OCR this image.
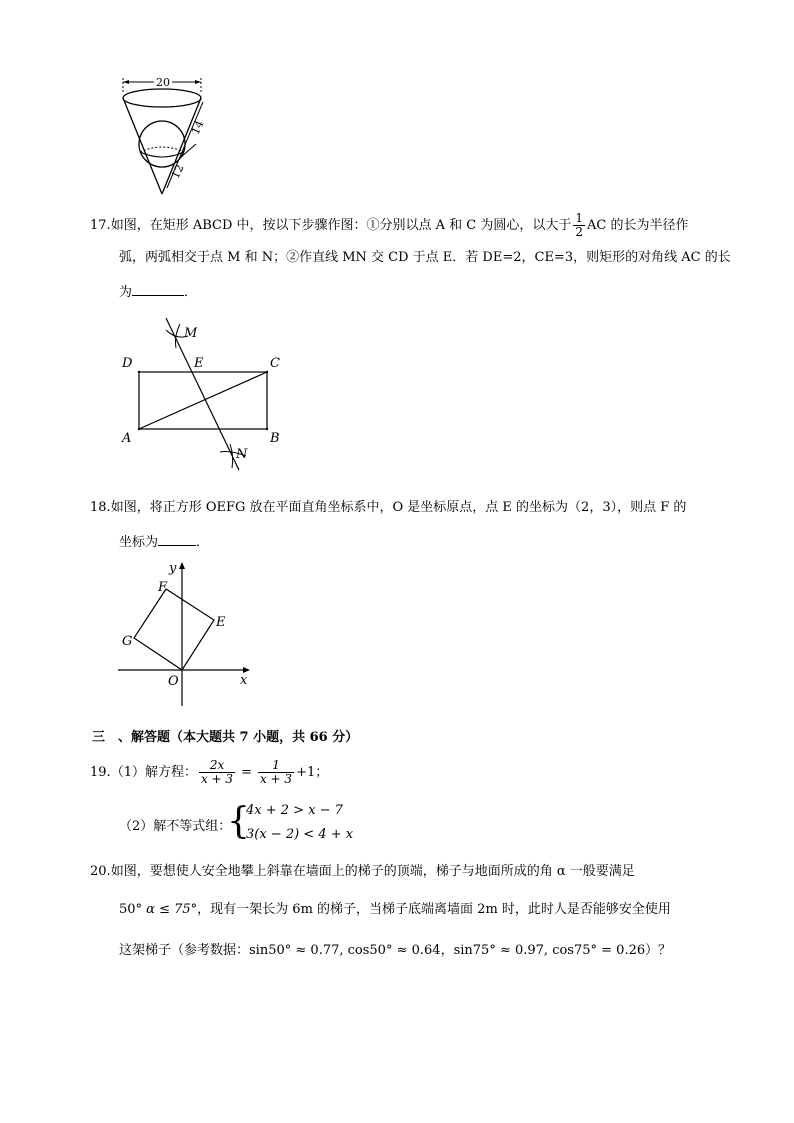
20
14
12
17.如图，在矩形 ABCD 中，按以下步骤作图：①分别以点 A 和 C 为圆心，以大于 $\frac{1}{2}$ AC 的长为半径作
弧，两弧相交于点 M 和 N；②作直线 MN 交 CD 于点 E．若 DE=2，CE=3，则矩形的对角线 AC 的长
为	．
M
D	E	C
A	B
N
18.如图，将正方形 OEFG 放在平面直角坐标系中，O 是坐标原点，点 E 的坐标为（2，3），则点 F 的
坐标为	．
y
F
E
G
O	x
三　、解答题（本大题共 7 小题，共 66 分）
19.（1）解方程： $\frac{2x}{x + 3} = \frac{1}{x + 3} +1$；
（2）解不等式组：
{
4x + 2 > x − 7
3(x − 2) < 4 + x
20.如图，要想使人安全地攀上斜靠在墙面上的梯子的顶端，梯子与地面所成的角 α 一般要满足
50° α ≤ 75°，现有一架长为 6m 的梯子，当梯子底端离墙面 2m 时，此时人是否能够安全使用
这架梯子（参考数据：sin50° ≈ 0.77, cos50° ≈ 0.64，sin75° ≈ 0.97, cos75° = 0.26）？
